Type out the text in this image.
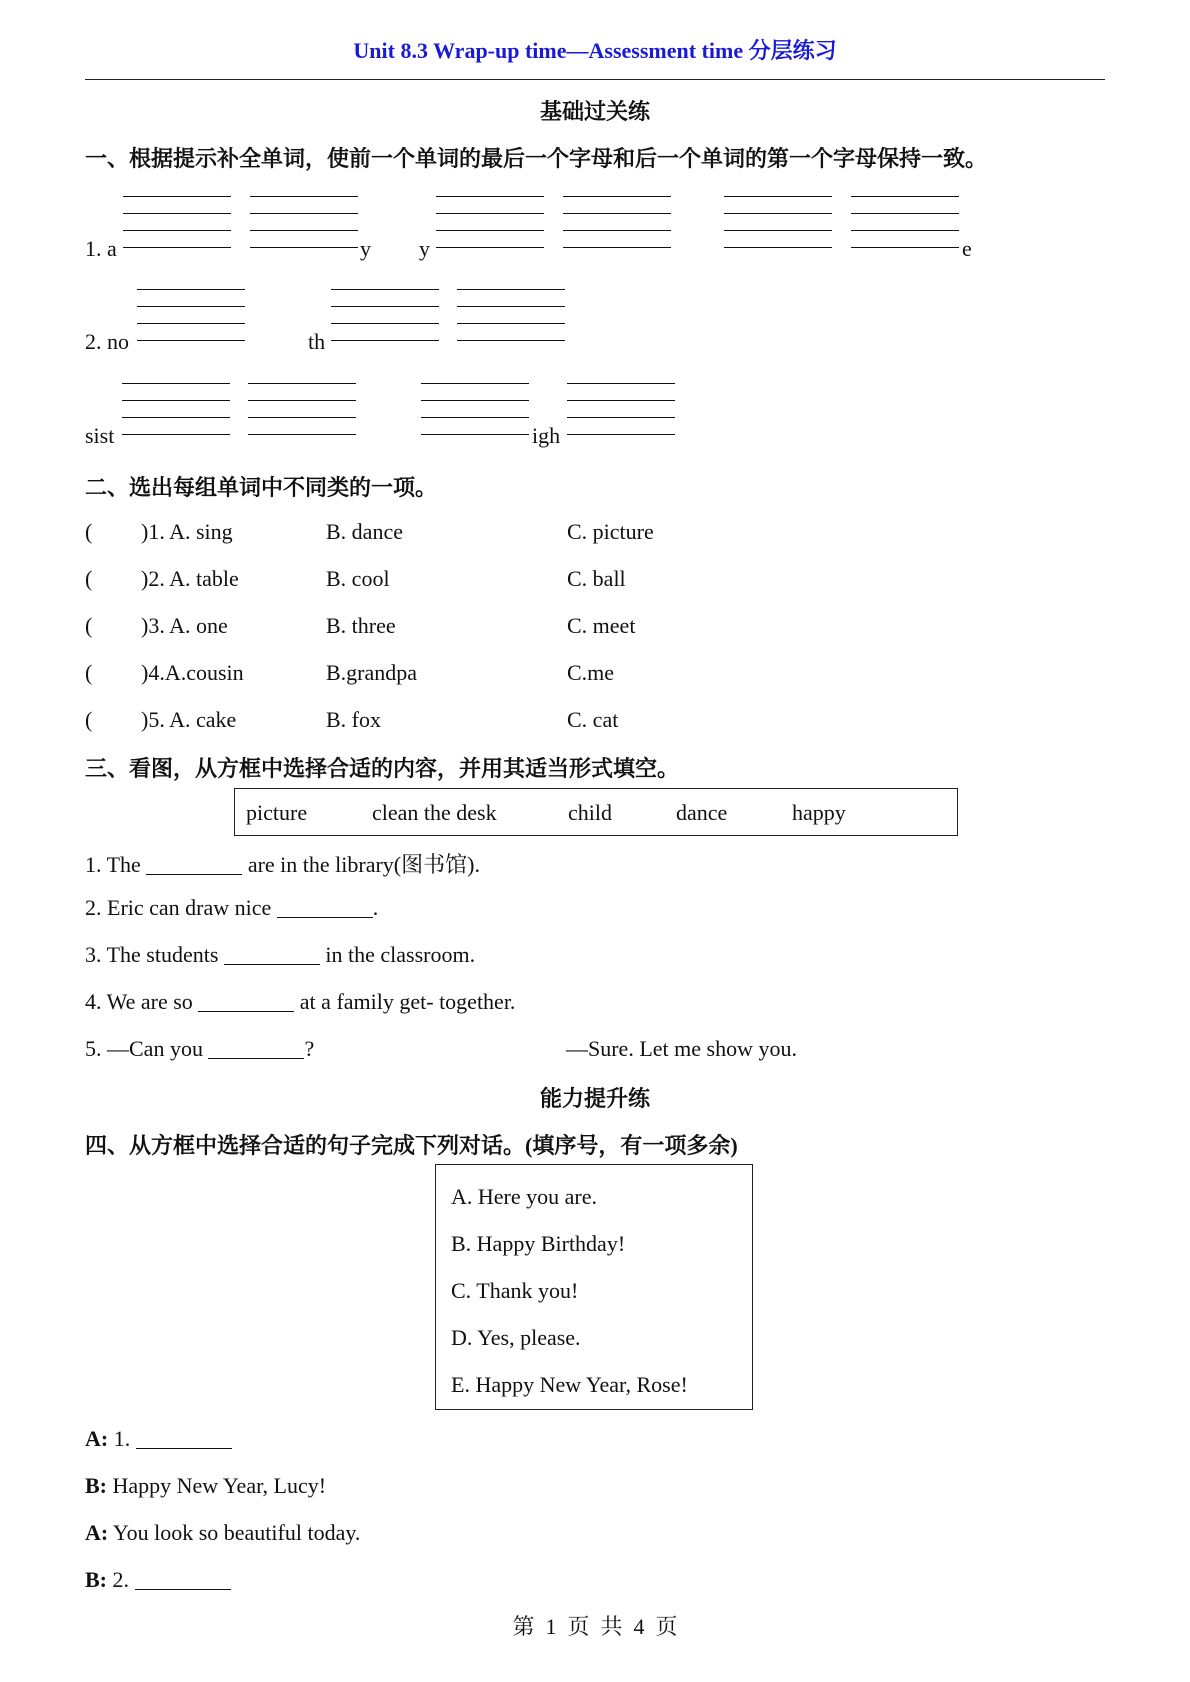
Unit 8.3 Wrap-up time—Assessment time 分层练习
基础过关练
一、根据提示补全单词，使前一个单词的最后一个字母和后一个单词的第一个字母保持一致。
1. a	y y	e
2. no	th
sist	igh
二、选出每组单词中不同类的一项。
( )1. A. sing	B. dance	C. picture
( )2. A. table	B. cool	C. ball
( )3. A. one	B. three	C. meet
( )4.A.cousin	B.grandpa	C.me
( )5. A. cake	B. fox	C. cat
三、看图，从方框中选择合适的内容，并用其适当形式填空。
picture	clean the desk	child	dance	happy
1. The	are in the library(图书馆).
2. Eric can draw nice	.
3. The students	in the classroom.
4. We are so	at a family get- together.
5. —Can you	?	—Sure. Let me show you.
能力提升练
四、从方框中选择合适的句子完成下列对话。(填序号，有一项多余)
A. Here you are.
B. Happy Birthday!
C. Thank you!
D. Yes, please.
E. Happy New Year, Rose!
A: 1.
B: Happy New Year, Lucy!
A: You look so beautiful today.
B: 2.
第  1  页  共  4  页
